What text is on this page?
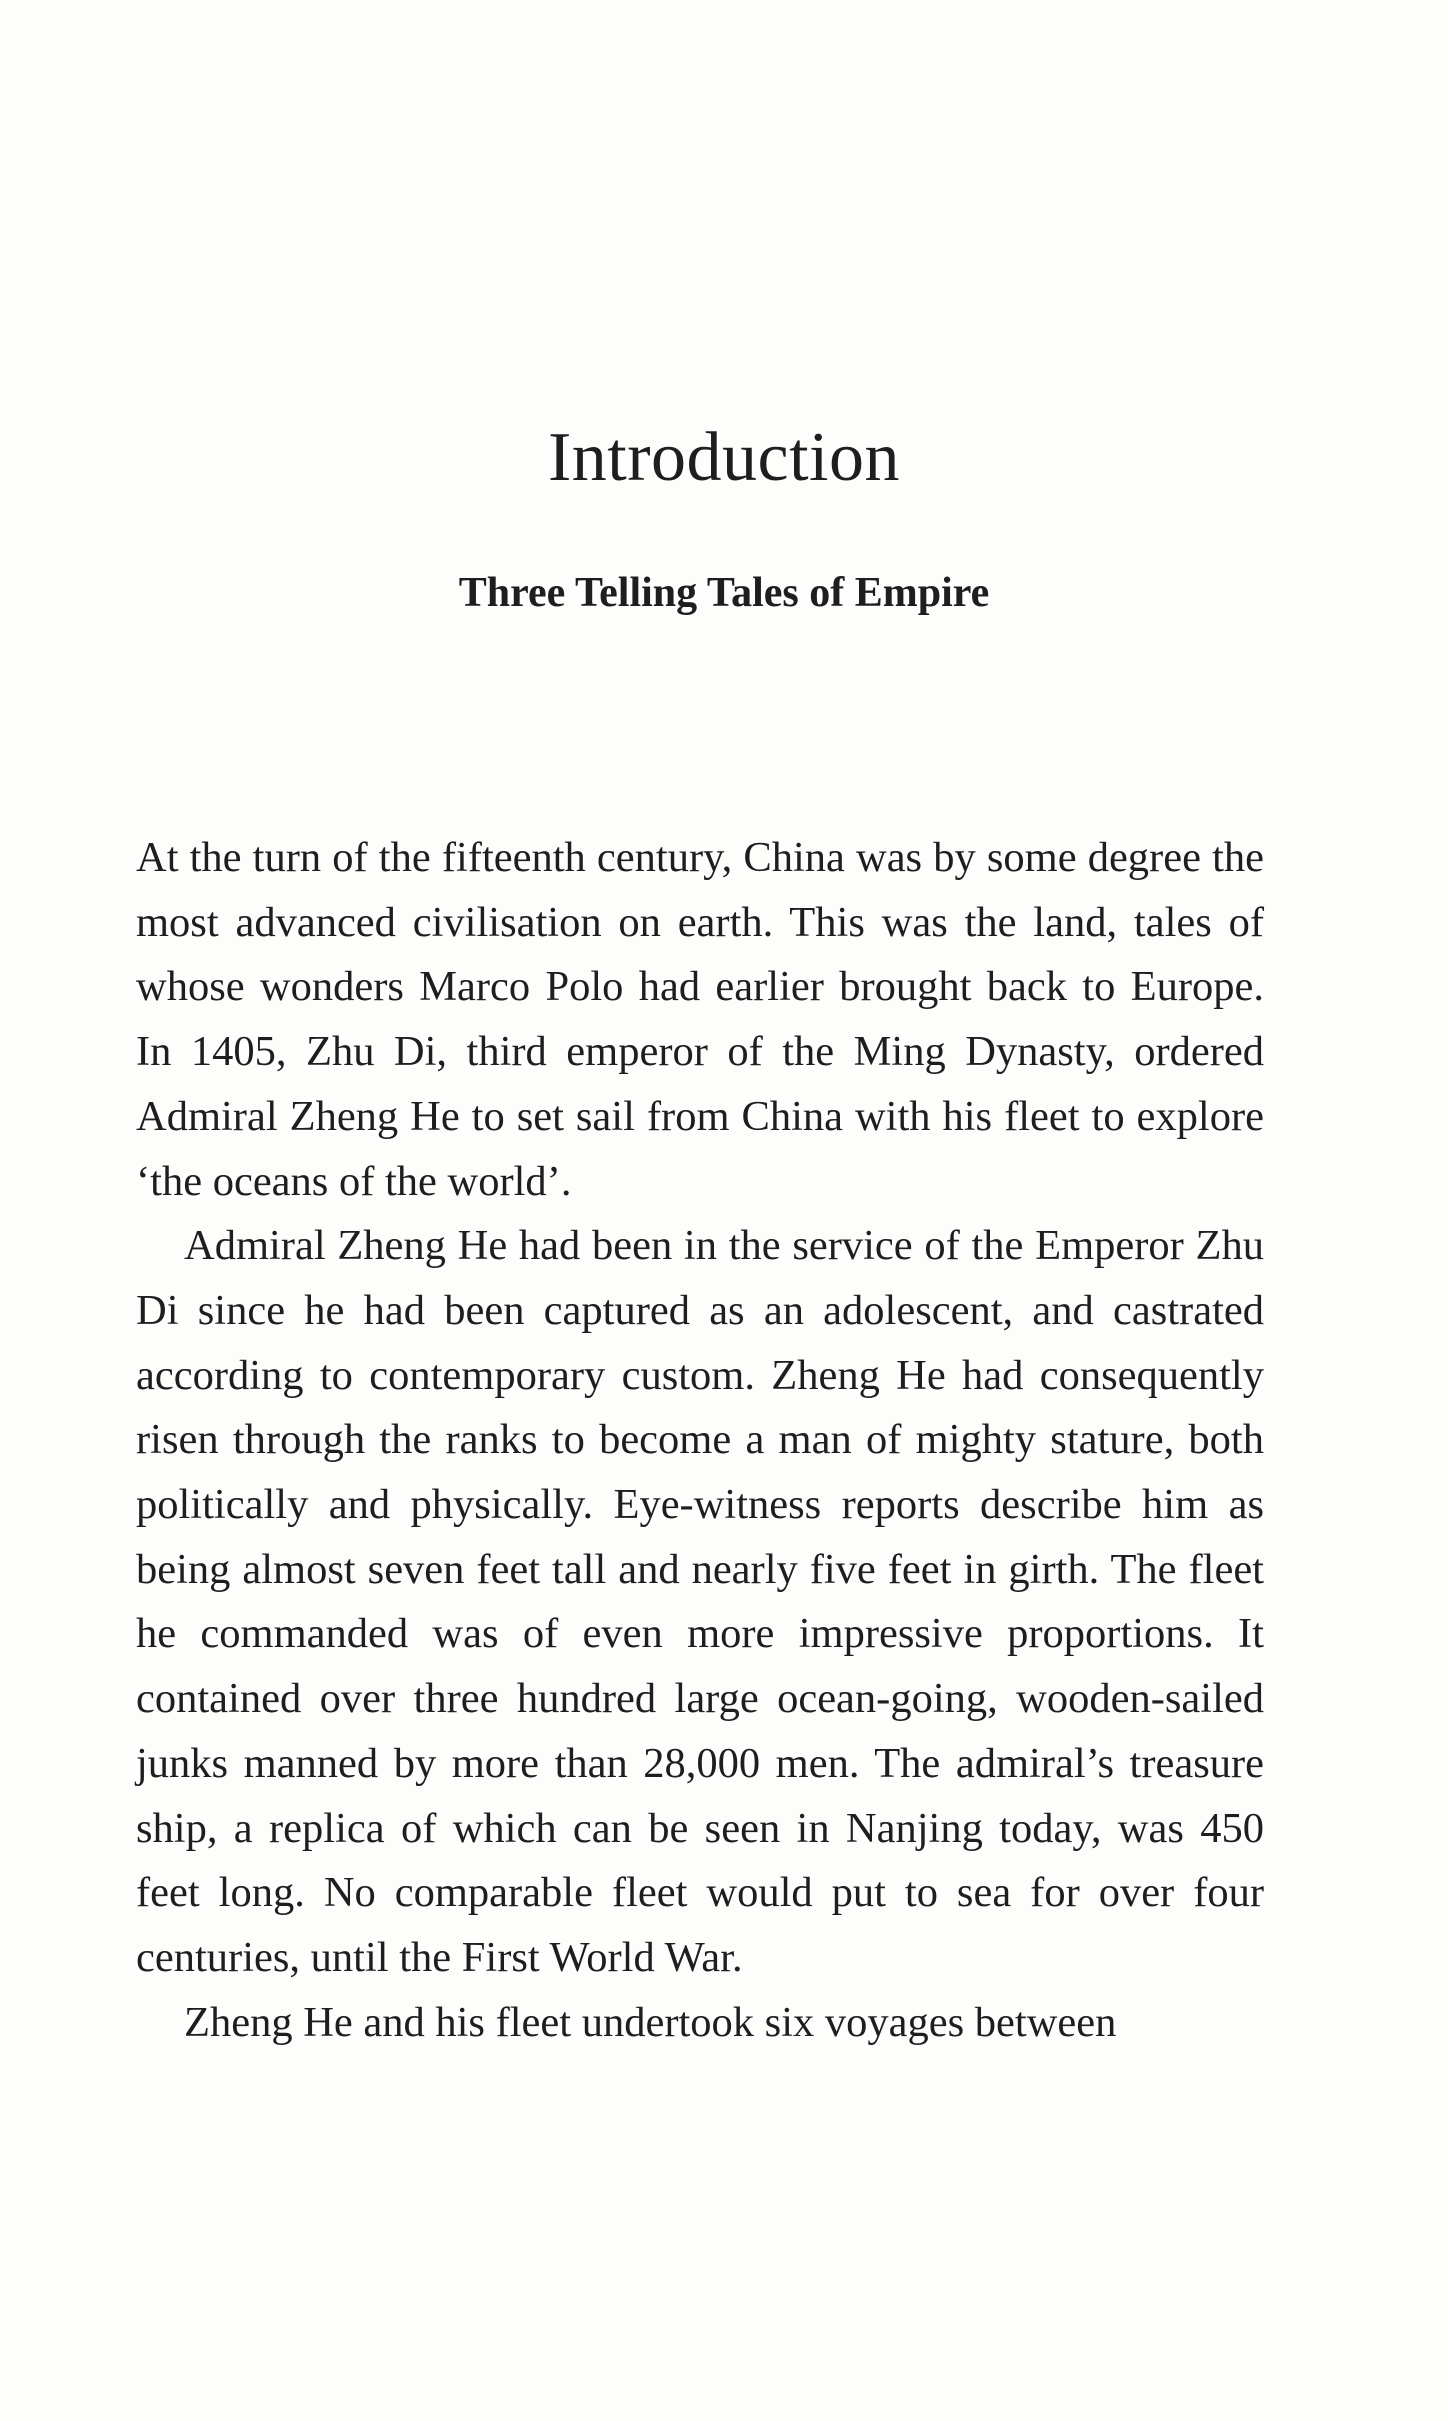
Introduction
Three Telling Tales of Empire

At the turn of the fifteenth century, China was by some degree the most advanced civilisation on earth. This was the land, tales of whose wonders Marco Polo had earlier brought back to Europe. In 1405, Zhu Di, third emperor of the Ming Dynasty, ordered Admiral Zheng He to set sail from China with his fleet to explore ‘the oceans of the world’.

Admiral Zheng He had been in the service of the Emperor Zhu Di since he had been captured as an adolescent, and castrated according to contemporary custom. Zheng He had consequently risen through the ranks to become a man of mighty stature, both politically and physically. Eye-witness reports describe him as being almost seven feet tall and nearly five feet in girth. The fleet he commanded was of even more impressive proportions. It contained over three hundred large ocean-going, wooden-sailed junks manned by more than 28,000 men. The admiral’s treasure ship, a replica of which can be seen in Nanjing today, was 450 feet long. No comparable fleet would put to sea for over four centuries, until the First World War.

Zheng He and his fleet undertook six voyages between
